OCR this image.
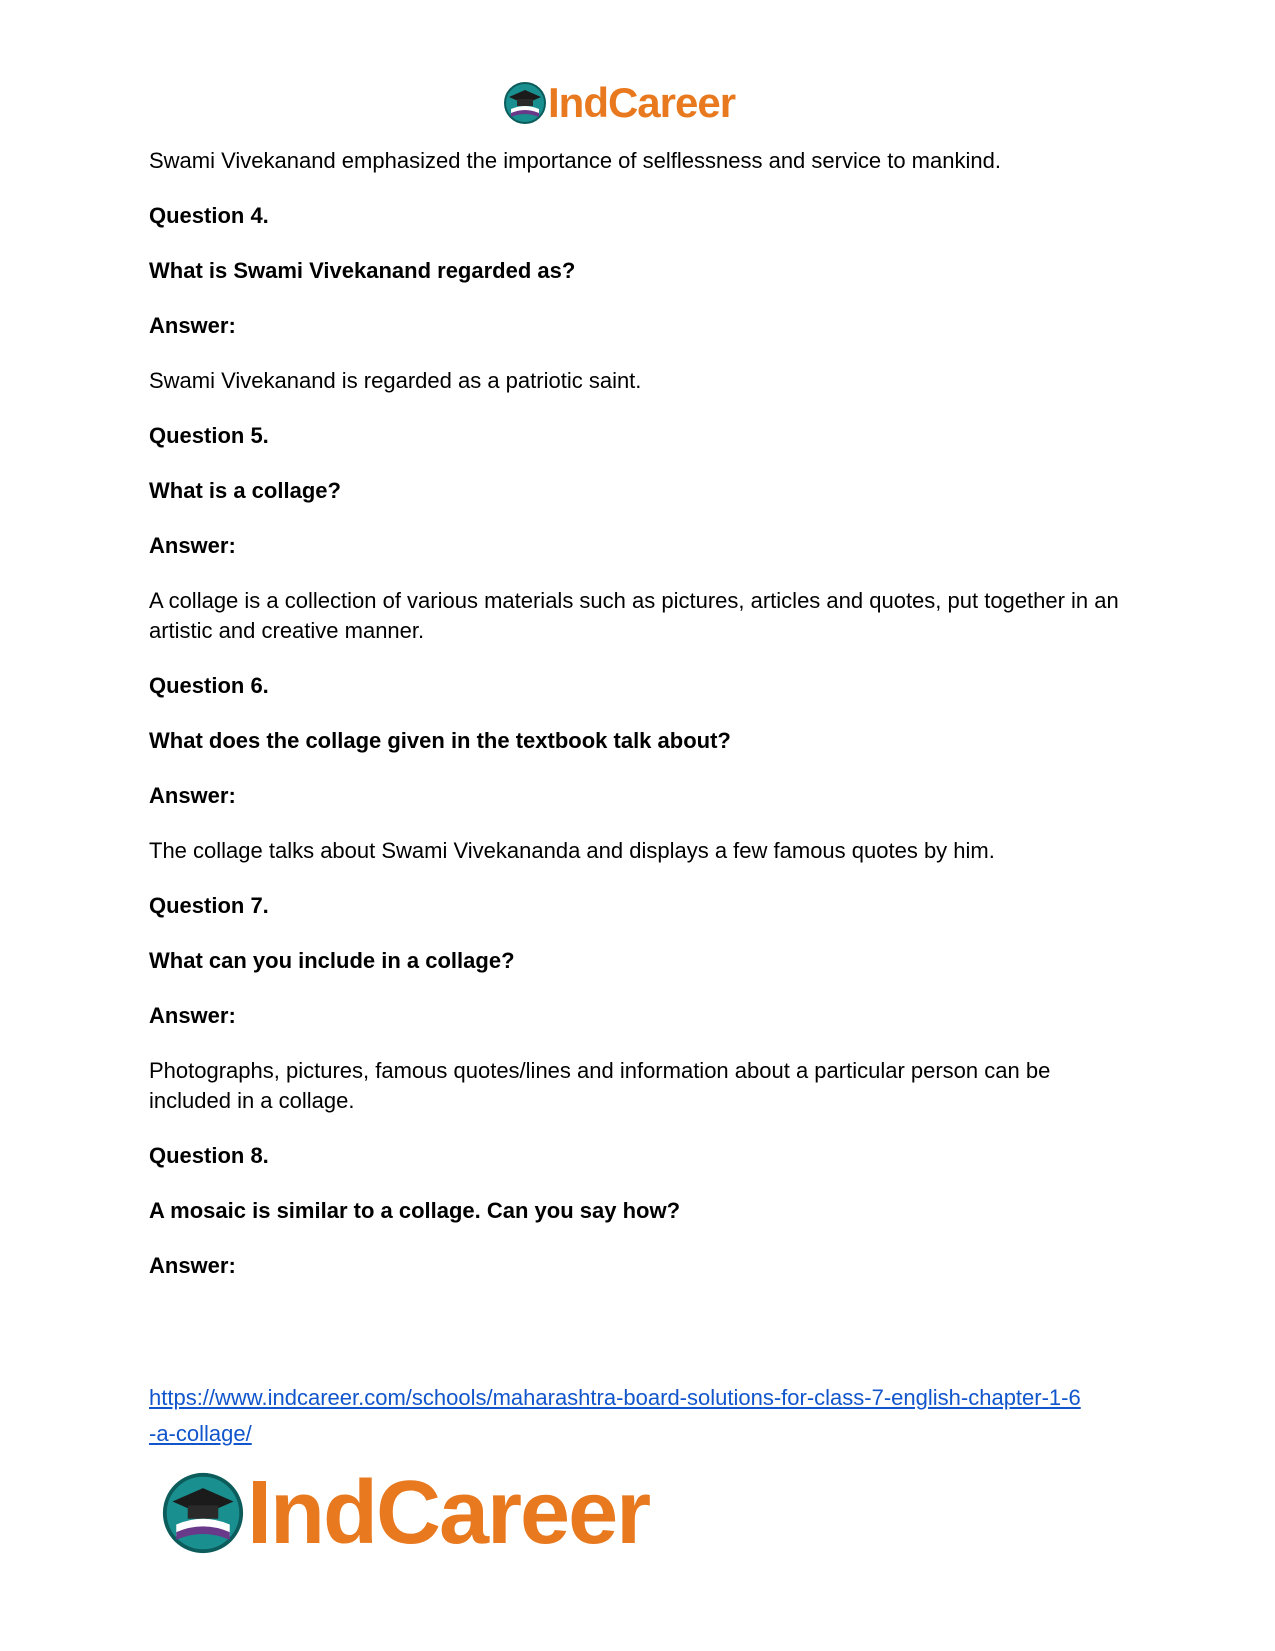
IndCareer

Swami Vivekanand emphasized the importance of selflessness and service to mankind.

Question 4.

What is Swami Vivekanand regarded as?

Answer:

Swami Vivekanand is regarded as a patriotic saint.

Question 5.

What is a collage?

Answer:

A collage is a collection of various materials such as pictures, articles and quotes, put together in an artistic and creative manner.

Question 6.

What does the collage given in the textbook talk about?

Answer:

The collage talks about Swami Vivekananda and displays a few famous quotes by him.

Question 7.

What can you include in a collage?

Answer:

Photographs, pictures, famous quotes/lines and information about a particular person can be included in a collage.

Question 8.

A mosaic is similar to a collage. Can you say how?

Answer:

https://www.indcareer.com/schools/maharashtra-board-solutions-for-class-7-english-chapter-1-6
-a-collage/
IndCareer
